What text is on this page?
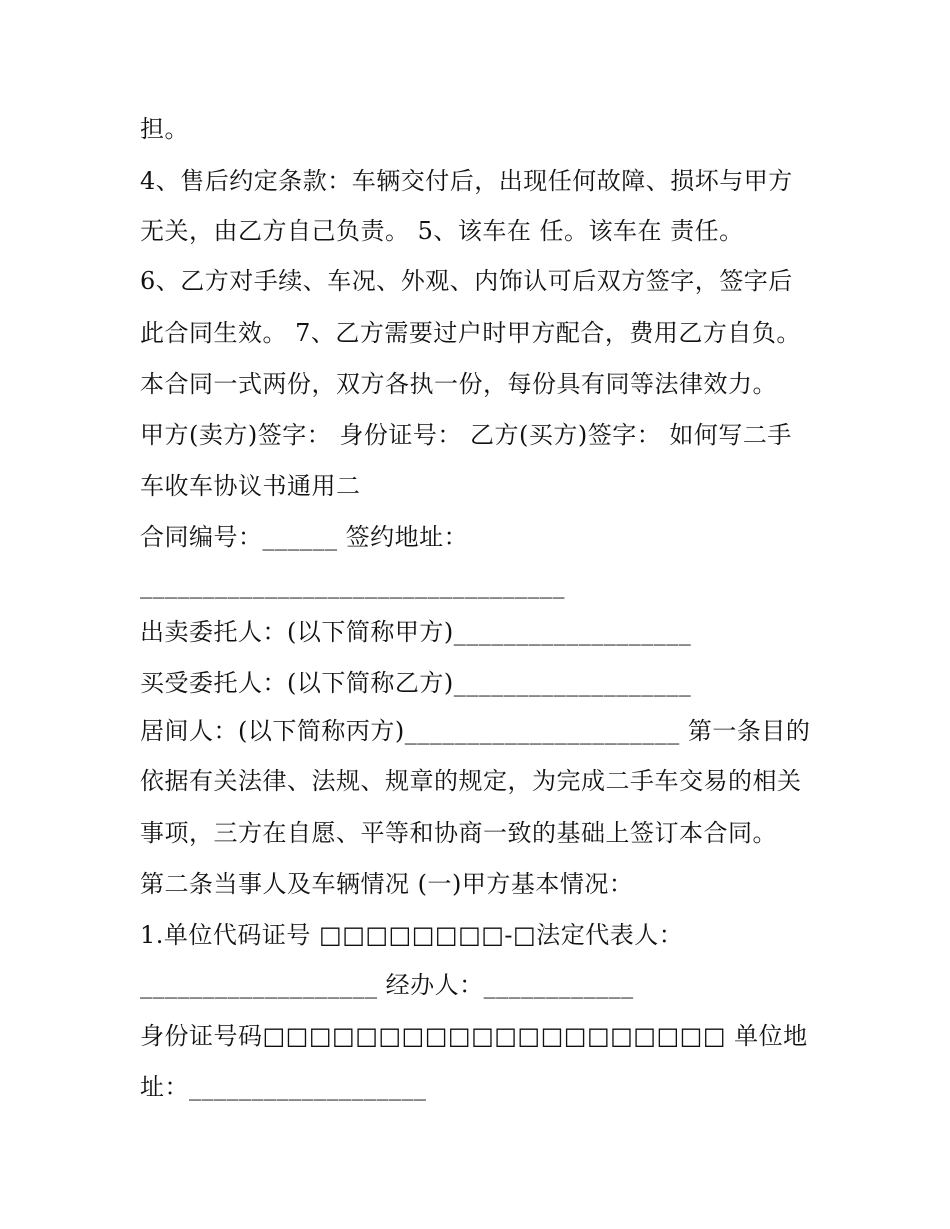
担。
4、售后约定条款：车辆交付后，出现任何故障、损坏与甲方
无关，由乙方自己负责。 5、该车在 任。该车在 责任。
6、乙方对手续、车况、外观、内饰认可后双方签字，签字后
此合同生效。 7、乙方需要过户时甲方配合，费用乙方自负。
本合同一式两份，双方各执一份，每份具有同等法律效力。
甲方(卖方)签字： 身份证号： 乙方(买方)签字： 如何写二手
车收车协议书通用二
合同编号：______ 签约地址：
__________________________________
出卖委托人：(以下简称甲方)___________________
买受委托人：(以下简称乙方)___________________
居间人：(以下简称丙方)______________________ 第一条目的
依据有关法律、法规、规章的规定，为完成二手车交易的相关
事项，三方在自愿、平等和协商一致的基础上签订本合同。
第二条当事人及车辆情况 (一)甲方基本情况：
1.单位代码证号 □□□□□□□□-□法定代表人：
___________________ 经办人：____________
身份证号码□□□□□□□□□□□□□□□□□□□□ 单位地
址：___________________
